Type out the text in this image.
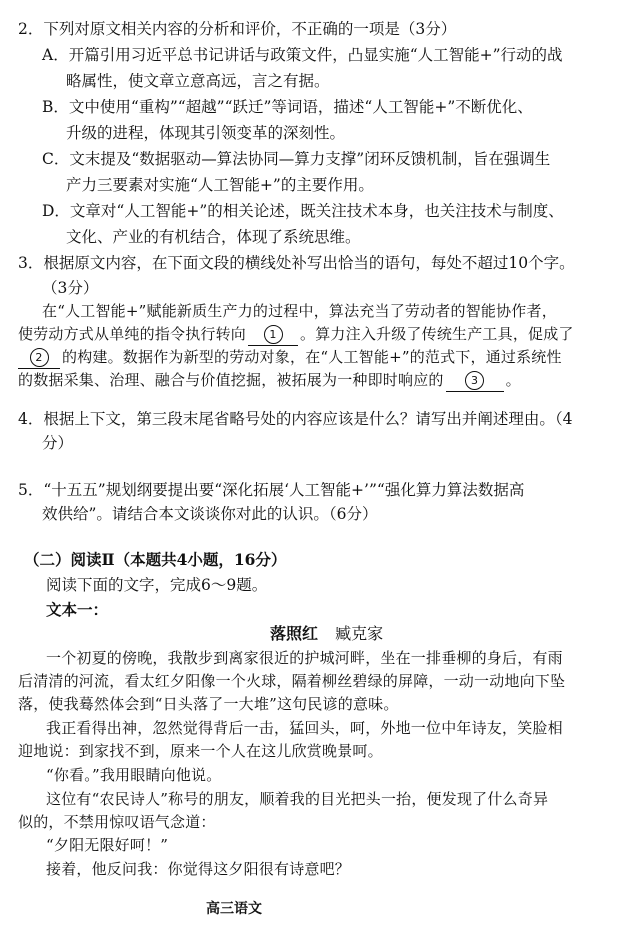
2．下列对原文相关内容的分析和评价，不正确的一项是（3分）
A．开篇引用习近平总书记讲话与政策文件，凸显实施“人工智能+”行动的战
略属性，使文章立意高远，言之有据。
B．文中使用“重构”“超越”“跃迁”等词语，描述“人工智能+”不断优化、
升级的进程，体现其引领变革的深刻性。
C．文末提及“数据驱动—算法协同—算力支撑”闭环反馈机制，旨在强调生
产力三要素对实施“人工智能+”的主要作用。
D．文章对“人工智能+”的相关论述，既关注技术本身，也关注技术与制度、
文化、产业的有机结合，体现了系统思维。
3．根据原文内容，在下面文段的横线处补写出恰当的语句，每处不超过10个字。
（3分）
在“人工智能+”赋能新质生产力的过程中，算法充当了劳动者的智能协作者，
使劳动方式从单纯的指令执行转向 1 。算力注入升级了传统生产工具，促成了
2 的构建。数据作为新型的劳动对象，在“人工智能+”的范式下，通过系统性
的数据采集、治理、融合与价值挖掘，被拓展为一种即时响应的 3 。
4．根据上下文，第三段末尾省略号处的内容应该是什么？请写出并阐述理由。（4
分）
5．“十五五”规划纲要提出要“深化拓展‘人工智能+’”“强化算力算法数据高
效供给”。请结合本文谈谈你对此的认识。（6分）
（二）阅读Ⅱ（本题共4小题，16分）
阅读下面的文字，完成6～9题。
文本一：
落照红 臧克家
一个初夏的傍晚，我散步到离家很近的护城河畔，坐在一排垂柳的身后，有雨
后清清的河流，看太红夕阳像一个火球，隔着柳丝碧绿的屏障，一动一动地向下坠
落，使我蓦然体会到“日头落了一大堆”这句民谚的意味。
我正看得出神，忽然觉得背后一击，猛回头，呵，外地一位中年诗友，笑脸相
迎地说：到家找不到，原来一个人在这儿欣赏晚景呵。
“你看。”我用眼睛向他说。
这位有“农民诗人”称号的朋友，顺着我的目光把头一抬，便发现了什么奇异
似的，不禁用惊叹语气念道：
“夕阳无限好呵！”
接着，他反问我：你觉得这夕阳很有诗意吧？
高三语文
